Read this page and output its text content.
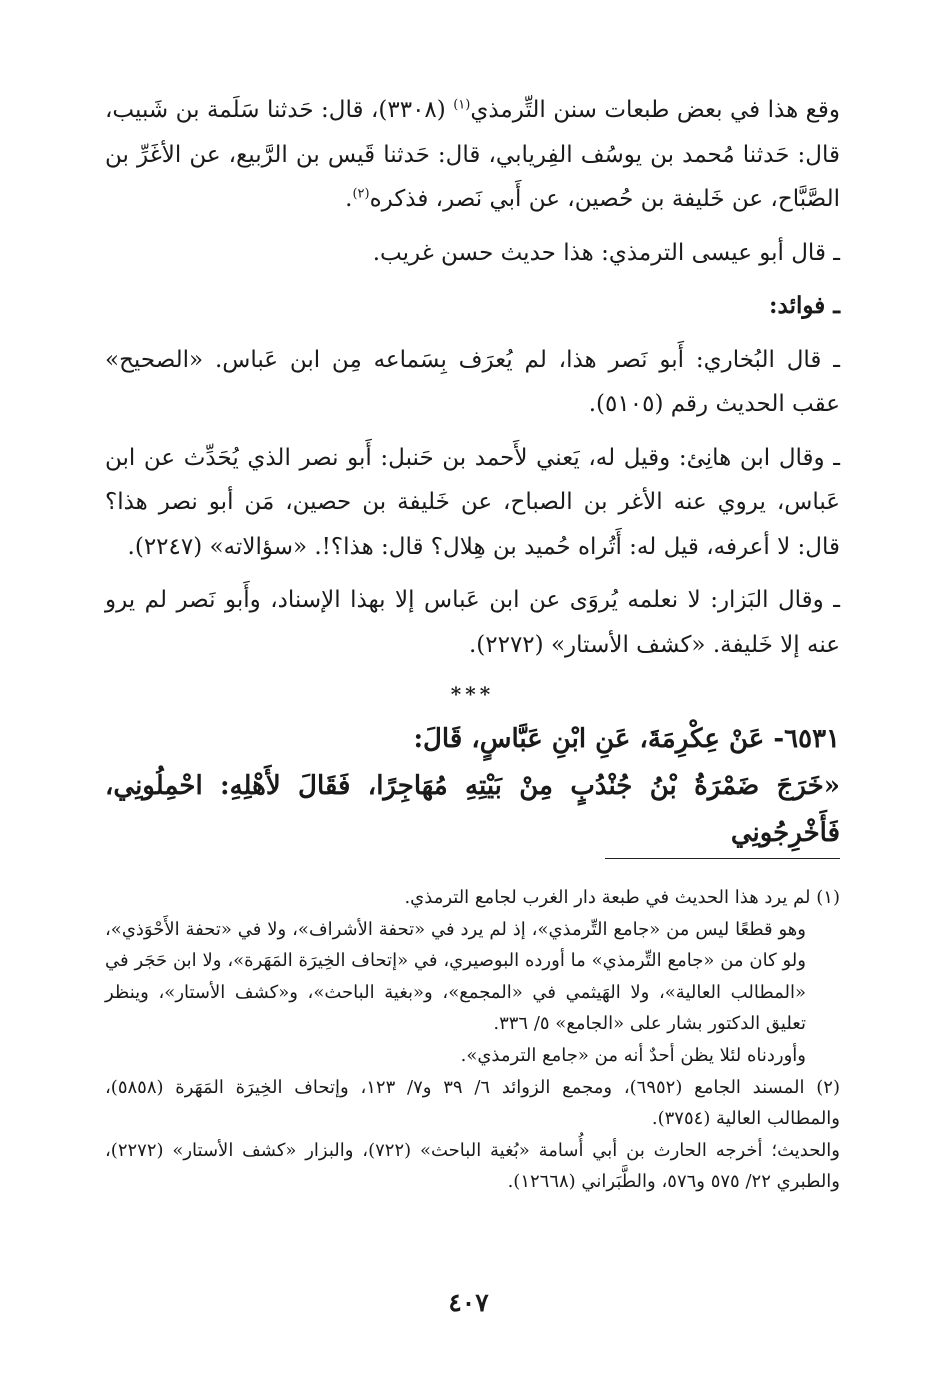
وقع هذا في بعض طبعات سنن التِّرمذي$^{(١)}$ (٣٣٠٨)، قال: حَدثنا سَلَمة بن شَبيب، قال: حَدثنا مُحمد بن يوسُف الفِريابي، قال: حَدثنا قَيس بن الرَّبيع، عن الأغَرِّ بن الصَّبَّاح، عن خَليفة بن حُصين، عن أَبي نَصر، فذكره$^{(٢)}$.

ـ قال أبو عيسى الترمذي: هذا حديث حسن غريب.

ـ فوائد:

ـ قال البُخاري: أَبو نَصر هذا، لم يُعرَف بِسَماعه مِن ابن عَباس. «الصحيح» عقب الحديث رقم (٥١٠٥).

ـ وقال ابن هانِئ: وقيل له، يَعني لأَحمد بن حَنبل: أَبو نصر الذي يُحَدِّث عن ابن عَباس، يروي عنه الأغر بن الصباح، عن خَليفة بن حصين، مَن أبو نصر هذا؟ قال: لا أعرفه، قيل له: أَتُراه حُميد بن هِلال؟ قال: هذا؟!. «سؤالاته» (٢٢٤٧).

ـ وقال البَزار: لا نعلمه يُروَى عن ابن عَباس إلا بهذا الإسناد، وأَبو نَصر لم يرو عنه إلا خَليفة. «كشف الأستار» (٢٢٧٢).

***

٦٥٣١- عَنْ عِكْرِمَةَ، عَنِ ابْنِ عَبَّاسٍ، قَالَ:

«خَرَجَ ضَمْرَةُ بْنُ جُنْدُبٍ مِنْ بَيْتِهِ مُهَاجِرًا، فَقَالَ لأَهْلِهِ: احْمِلُونِي، فَأَخْرِجُونِي

(١) لم يرد هذا الحديث في طبعة دار الغرب لجامع الترمذي.

وهو قطعًا ليس من «جامع التِّرمذي»، إذ لم يرد في «تحفة الأشراف»، ولا في «تحفة الأَحْوَذي»، ولو كان من «جامع التِّرمذي» ما أورده البوصيري، في «إتحاف الخِيرَة المَهَرة»، ولا ابن حَجَر في «المطالب العالية»، ولا الهَيثمي في «المجمع»، و«بغية الباحث»، و«كشف الأستار»، وينظر تعليق الدكتور بشار على «الجامع» ٥/ ٣٣٦.

وأوردناه لئلا يظن أحدٌ أنه من «جامع الترمذي».

(٢) المسند الجامع (٦٩٥٢)، ومجمع الزوائد ٦/ ٣٩ و٧/ ١٢٣، وإتحاف الخِيرَة المَهَرة (٥٨٥٨)، والمطالب العالية (٣٧٥٤).

والحديث؛ أخرجه الحارث بن أبي أُسامة «بُغية الباحث» (٧٢٢)، والبزار «كشف الأستار» (٢٢٧٢)، والطبري ٢٢/ ٥٧٥ و٥٧٦، والطَّبَراني (١٢٦٦٨).

٤٠٧
